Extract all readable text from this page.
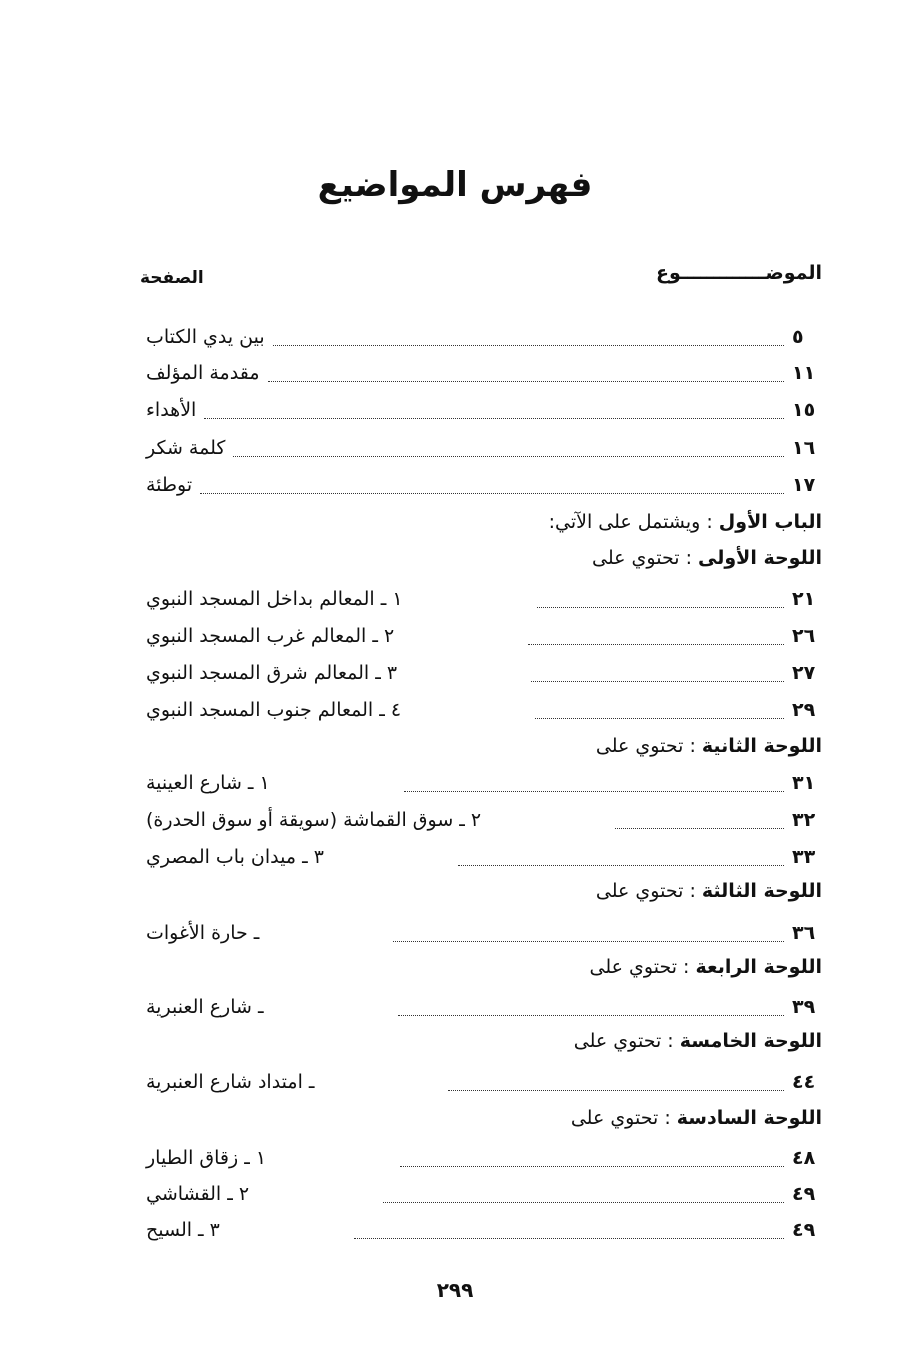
فهرس المواضيع
الموضـــــــــــــوع
الصفحة
بين يدي الكتاب	٥
مقدمة المؤلف	١١
الأهداء	١٥
كلمة شكر	١٦
توطئة	١٧
الباب الأول : ويشتمل على الآتي:
اللوحة الأولى : تحتوي على
١ ـ المعالم بداخل المسجد النبوي	٢١
٢ ـ المعالم غرب المسجد النبوي	٢٦
٣ ـ المعالم شرق المسجد النبوي	٢٧
٤ ـ المعالم جنوب المسجد النبوي	٢٩
اللوحة الثانية : تحتوي على
١ ـ شارع العينية	٣١
٢ ـ سوق القماشة (سويقة أو سوق الحدرة)	٣٢
٣ ـ ميدان باب المصري	٣٣
اللوحة الثالثة : تحتوي على
ـ حارة الأغوات	٣٦
اللوحة الرابعة : تحتوي على
ـ شارع العنبرية	٣٩
اللوحة الخامسة : تحتوي على
ـ امتداد شارع العنبرية	٤٤
اللوحة السادسة : تحتوي على
١ ـ زقاق الطيار	٤٨
٢ ـ القشاشي	٤٩
٣ ـ السيح	٤٩
٢٩٩
